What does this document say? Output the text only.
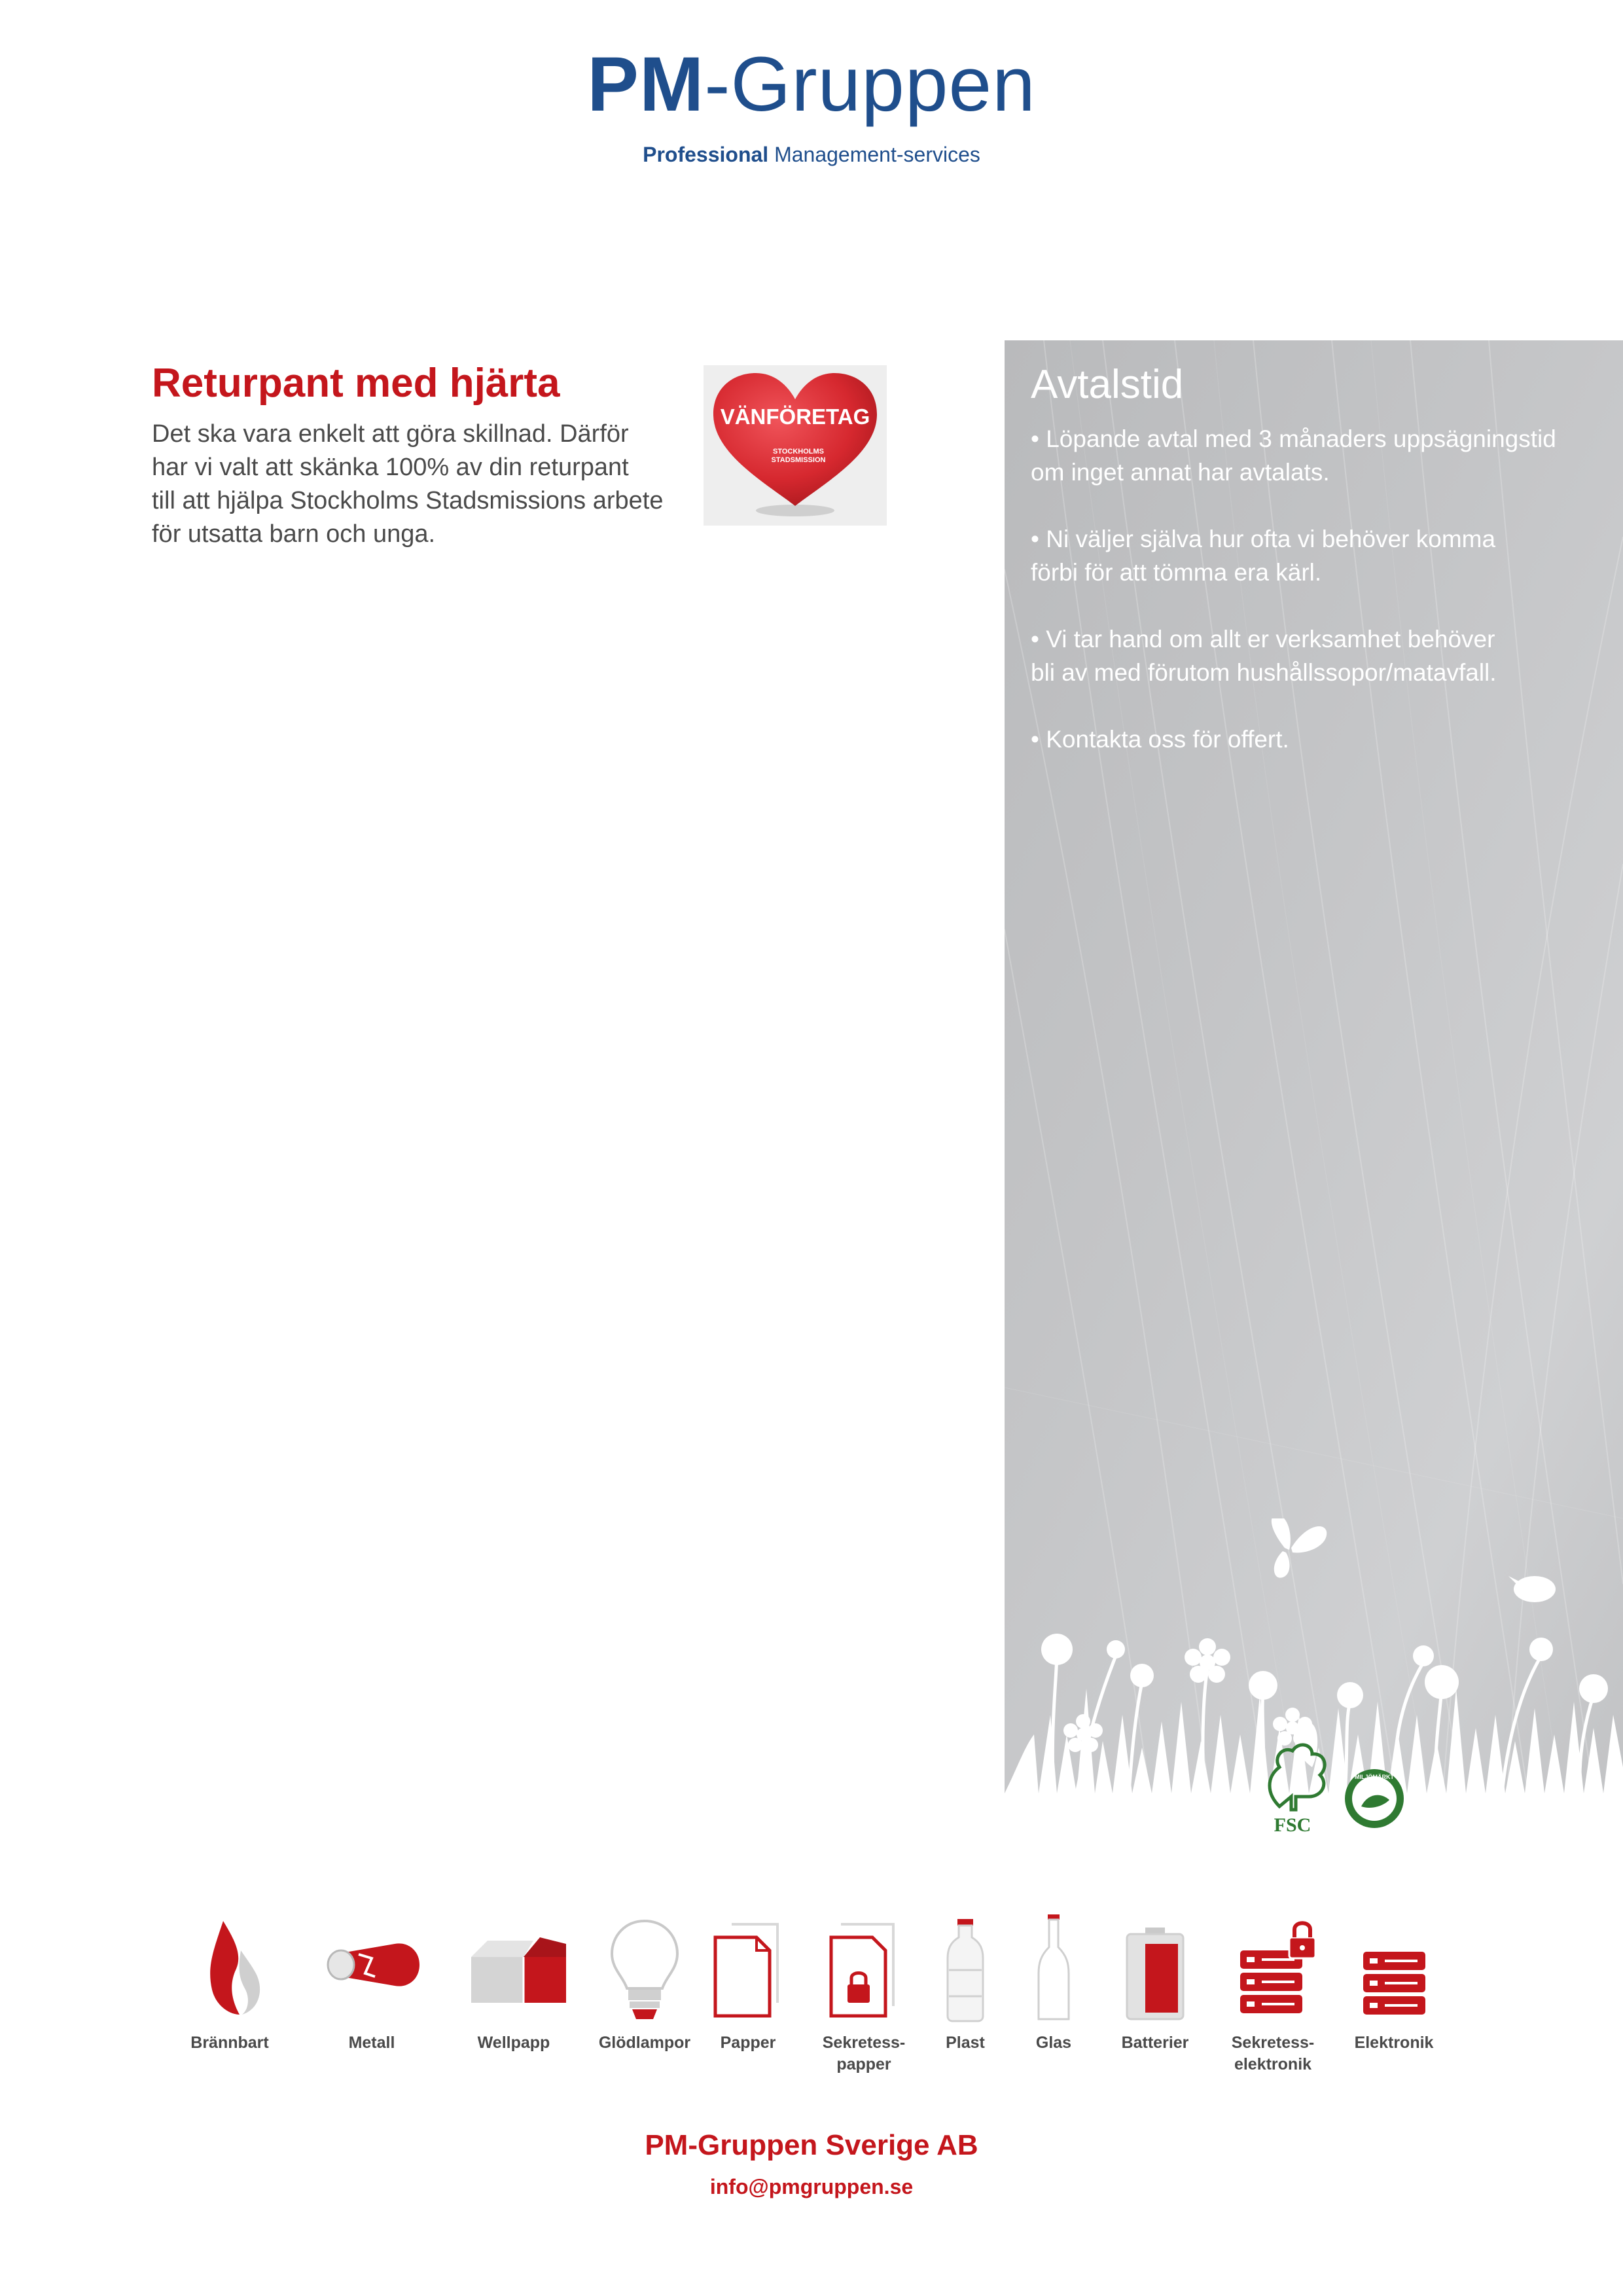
PM-Gruppen
Professional Management-services
Returpant med hjärta
Det ska vara enkelt att göra skillnad. Därför
har vi valt att skänka 100% av din returpant
till att hjälpa Stockholms Stadsmissions arbete
för utsatta barn och unga.
VÄNFÖRETAG
STOCKHOLMS
STADSMISSION
Avtalstid
• Löpande avtal med 3 månaders uppsägningstid
om inget annat har avtalats.
• Ni väljer själva hur ofta vi behöver komma
förbi för att tömma era kärl.
• Vi tar hand om allt er verksamhet behöver
bli av med förutom hushållssopor/matavfall.
• Kontakta oss för offert.
FSC
MILJÖMÄRKT
Brännbart	Metall	Wellpapp	Glödlampor	Papper	Sekretess-
papper
Plast	Glas	Batterier	Sekretess-
elektronik
Elektronik
PM-Gruppen Sverige AB
info@pmgruppen.se
